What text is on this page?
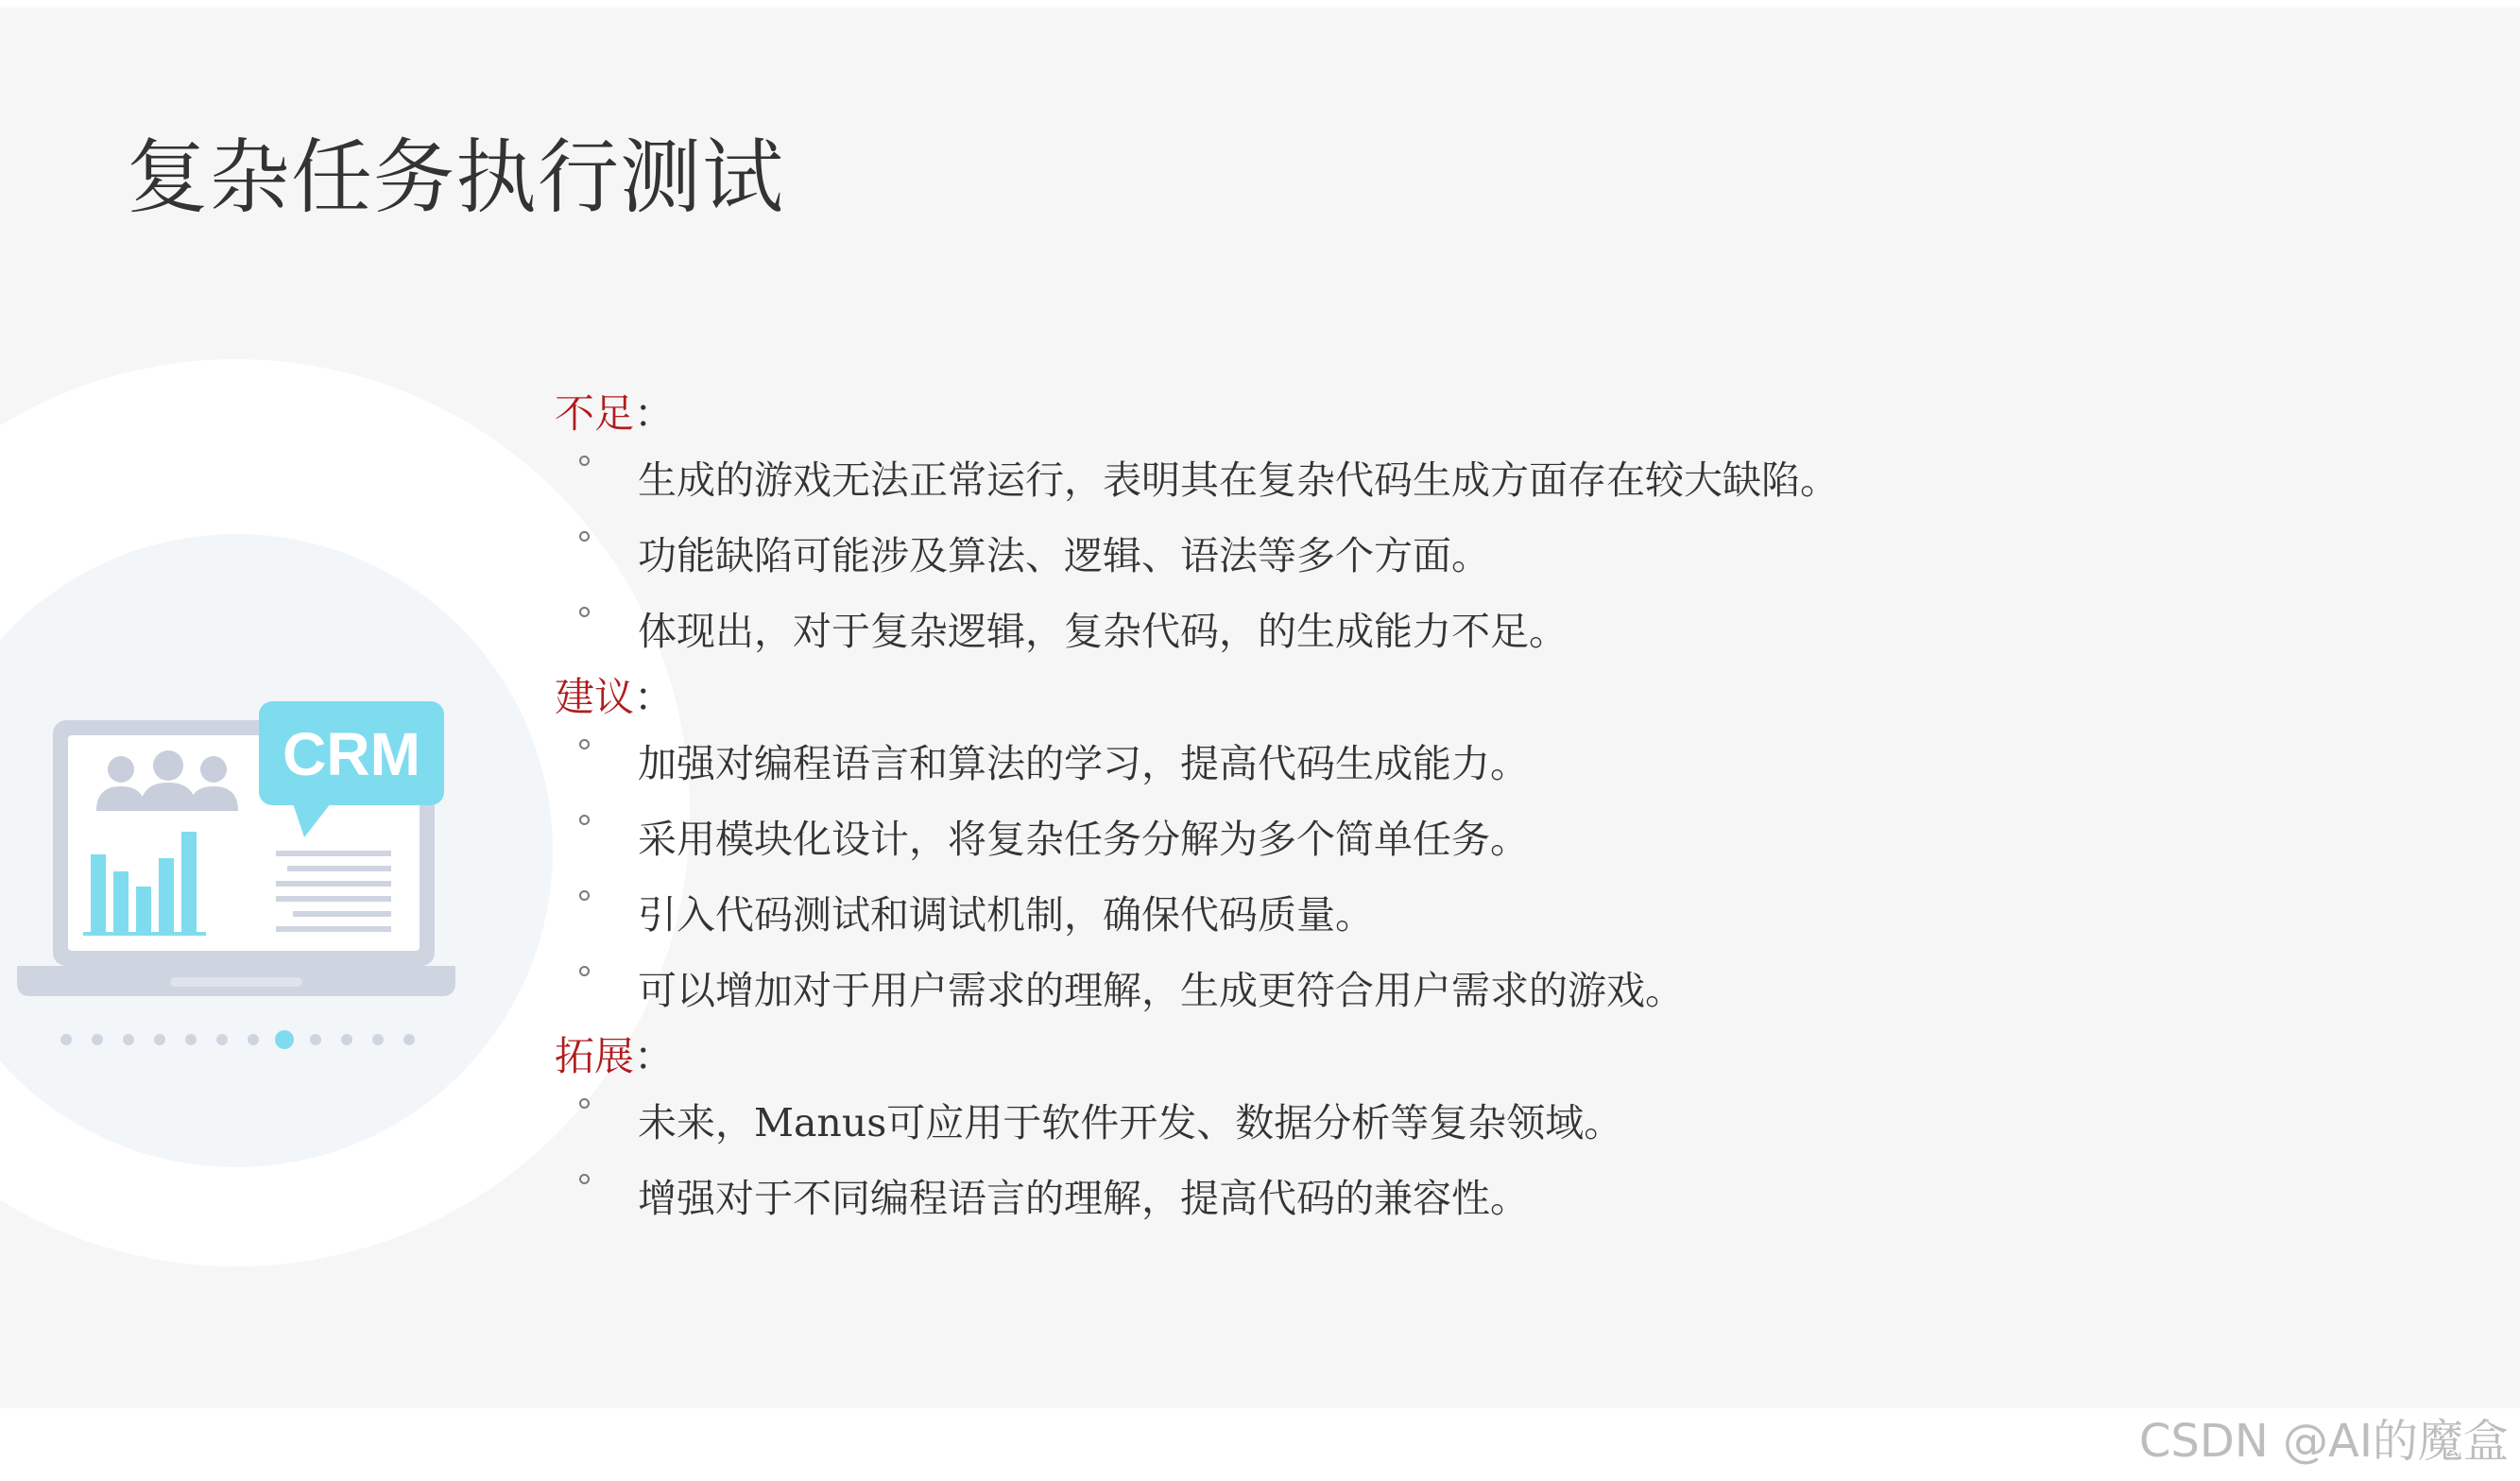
复杂任务执行测试
CRM
不足：
生成的游戏无法正常运行，表明其在复杂代码生成方面存在较大缺陷。
功能缺陷可能涉及算法、逻辑、语法等多个方面。
体现出，对于复杂逻辑，复杂代码，的生成能力不足。
建议：
加强对编程语言和算法的学习，提高代码生成能力。
采用模块化设计，将复杂任务分解为多个简单任务。
引入代码测试和调试机制，确保代码质量。
可以增加对于用户需求的理解，生成更符合用户需求的游戏。
拓展：
未来，Manus可应用于软件开发、数据分析等复杂领域。
增强对于不同编程语言的理解，提高代码的兼容性。
CSDN @AI的魔盒
